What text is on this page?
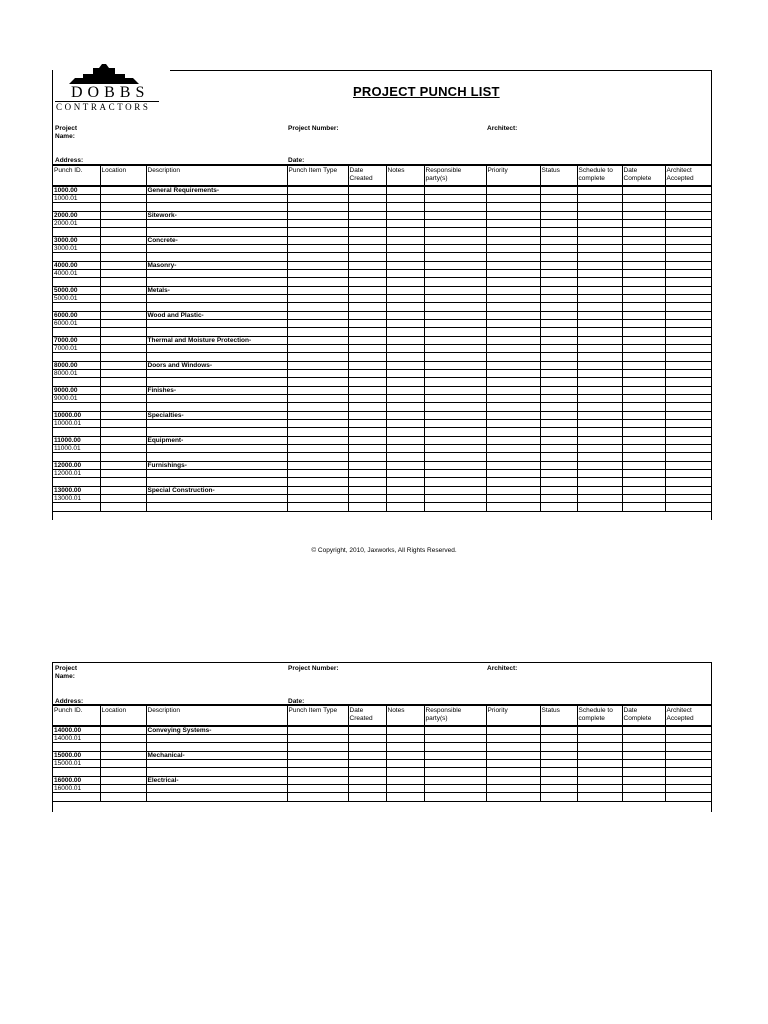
DOBBS
CONTRACTORS
PROJECT PUNCH LIST
Project
Name:
Project Number:	Architect:
Address:	Date:
Punch ID.	Location	Description	Punch Item Type	Date Created	Notes	Responsible party(s)	Priority	Status	Schedule to complete	Date Complete	Architect Accepted
1000.00		General Requirements-									
1000.01											

2000.00		Sitework-									
2000.01											

3000.00		Concrete-									
3000.01											

4000.00		Masonry-									
4000.01											

5000.00		Metals-									
5000.01											

6000.00		Wood and Plastic-									
6000.01											

7000.00		Thermal and Moisture Protection-									
7000.01											

8000.00		Doors and Windows-									
8000.01											

9000.00		Finishes-									
9000.01											

10000.00		Specialties-									
10000.01											

11000.00		Equipment-									
11000.01											

12000.00		Furnishings-									
12000.01											

13000.00		Special Construction-									
13000.01											

© Copyright, 2010, Jaxworks, All Rights Reserved.
Project
Name:
Project Number:	Architect:
Address:	Date:
Punch ID.	Location	Description	Punch Item Type	Date Created	Notes	Responsible party(s)	Priority	Status	Schedule to complete	Date Complete	Architect Accepted
14000.00		Conveying Systems-									
14000.01											

15000.00		Mechanical-									
15000.01											

16000.00		Electrical-									
16000.01											
